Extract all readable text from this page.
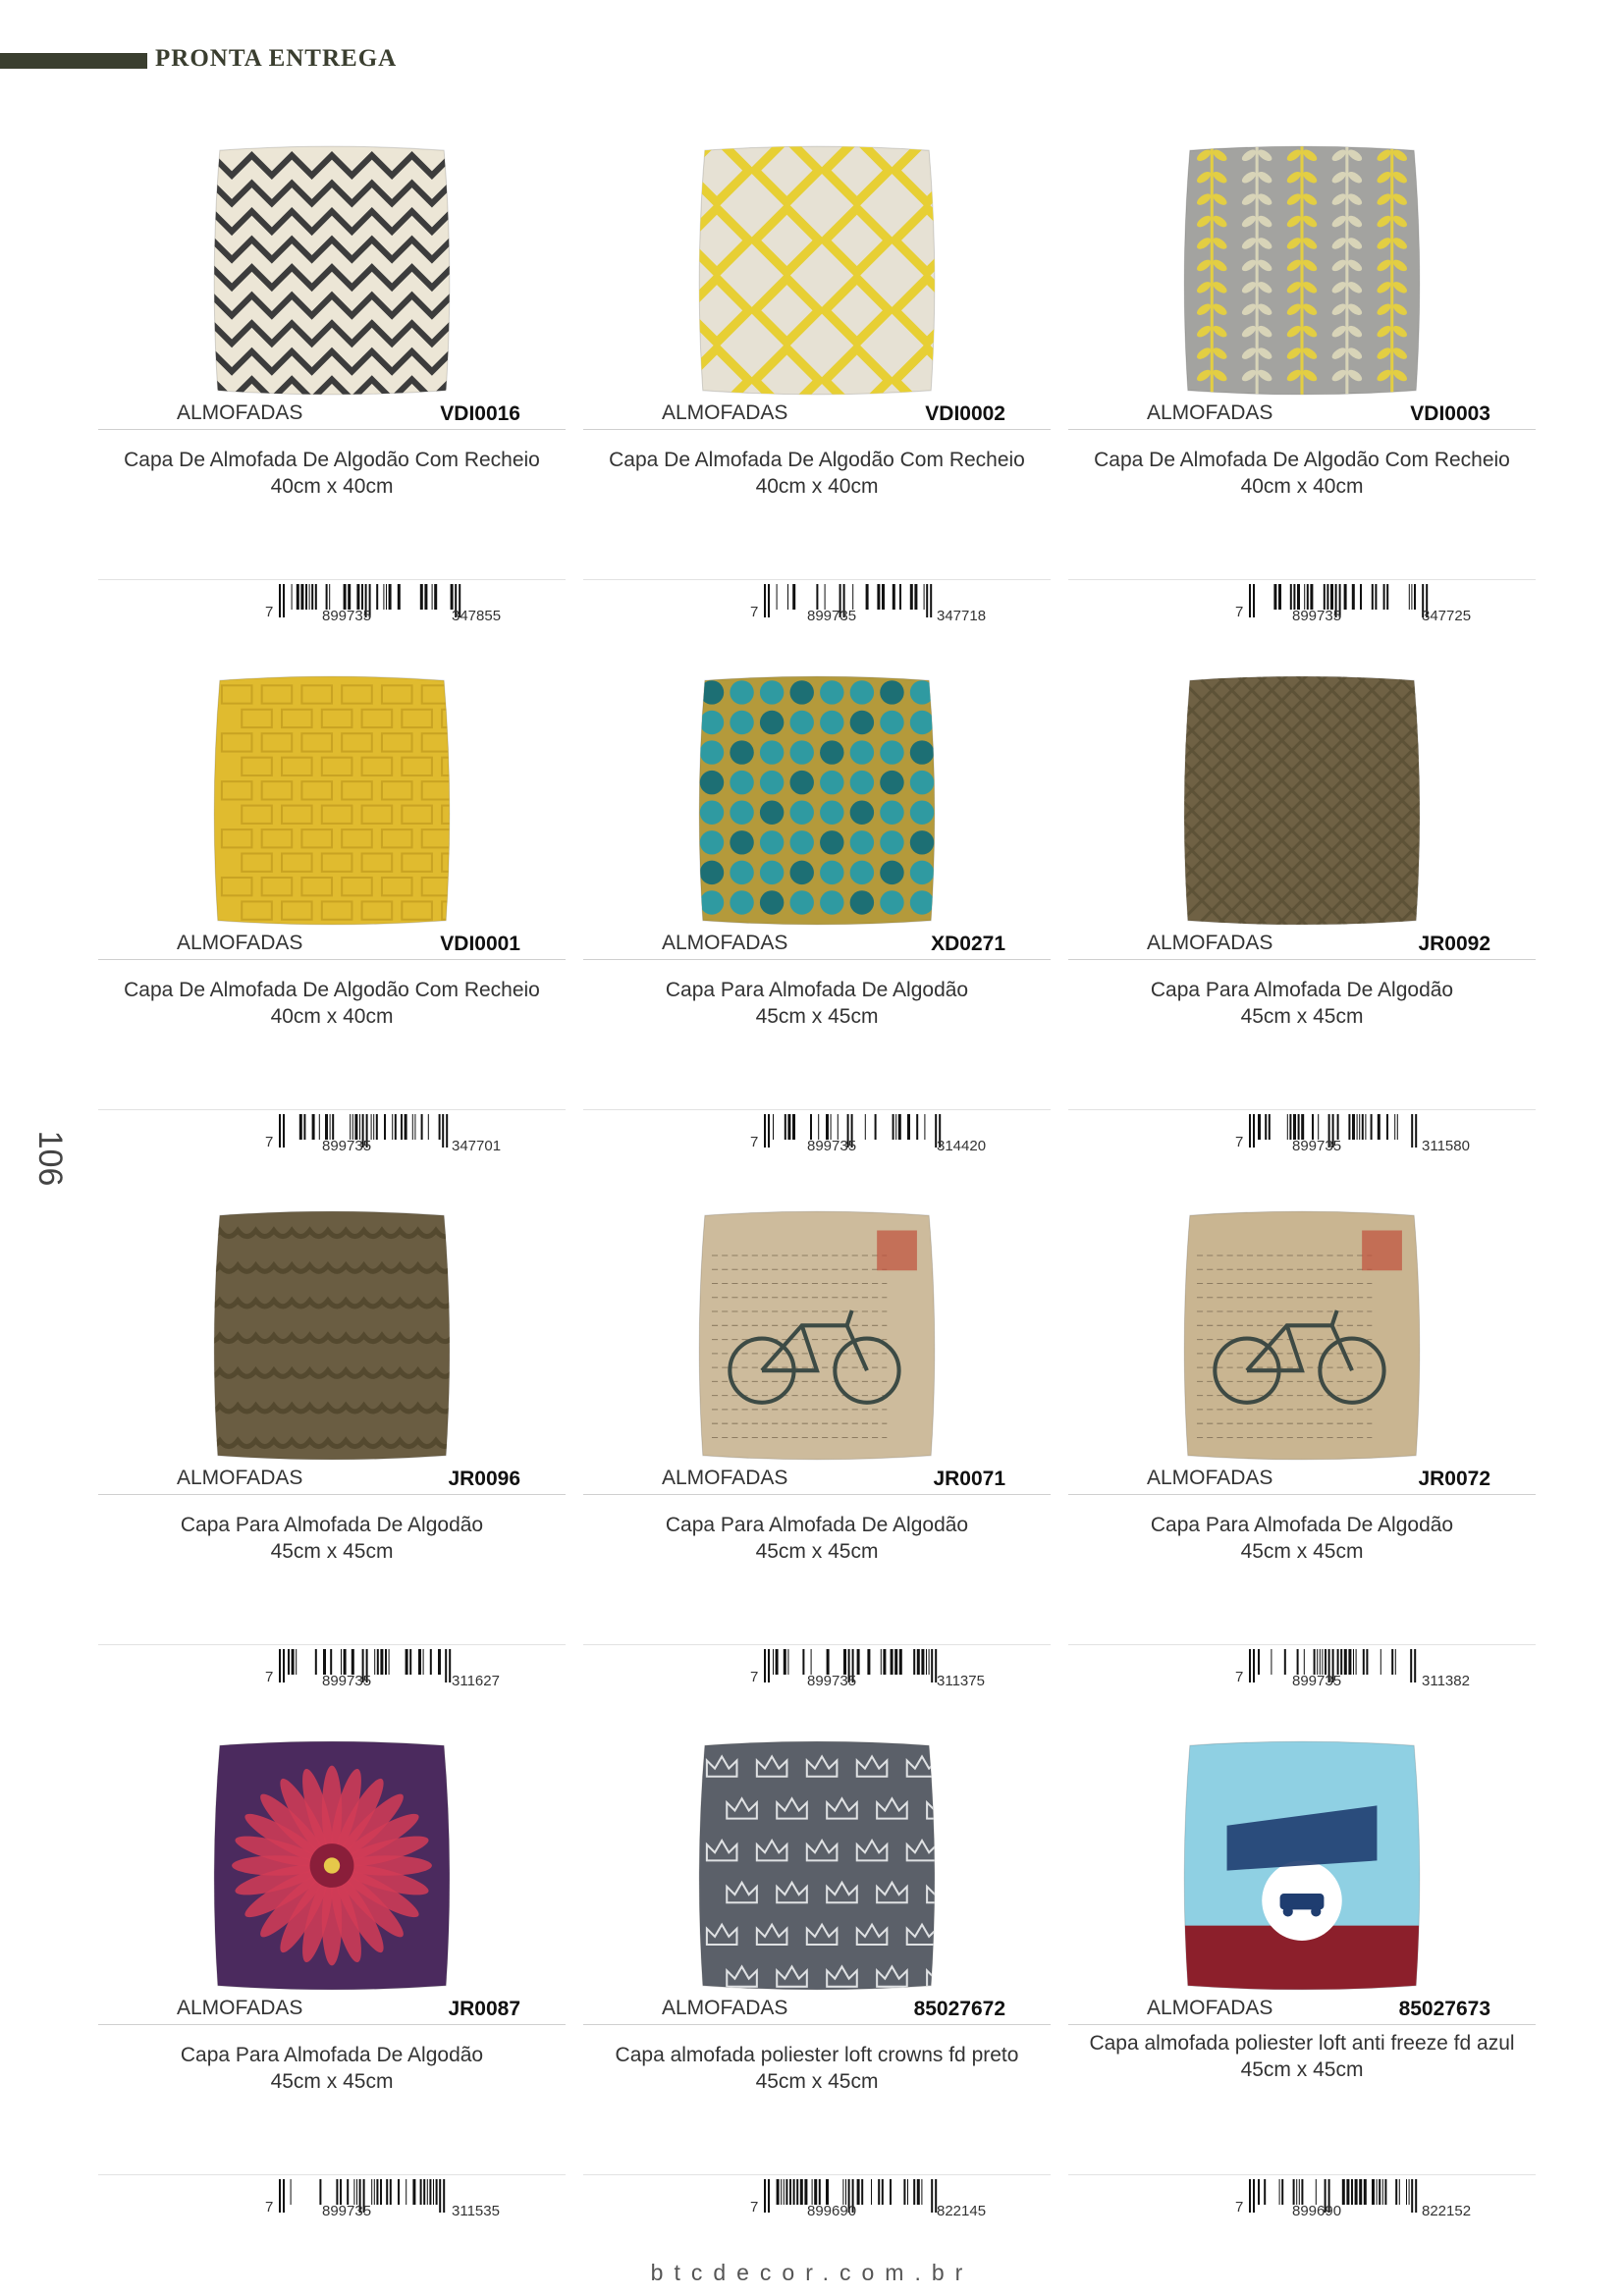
PRONTA ENTREGA
106
ALMOFADAS	VDI0016
Capa De Almofada De Algodão Com Recheio
40cm x 40cm
7	899735	347855
ALMOFADAS	VDI0002
Capa De Almofada De Algodão Com Recheio
40cm x 40cm
7	899735	347718
ALMOFADAS	VDI0003
Capa De Almofada De Algodão Com Recheio
40cm x 40cm
7	899735	347725
ALMOFADAS	VDI0001
Capa De Almofada De Algodão Com Recheio
40cm x 40cm
7	899735	347701
ALMOFADAS	XD0271
Capa Para Almofada De Algodão
45cm x 45cm
7	899735	314420
ALMOFADAS	JR0092
Capa Para Almofada De Algodão
45cm x 45cm
7	899735	311580
ALMOFADAS	JR0096
Capa Para Almofada De Algodão
45cm x 45cm
7	899735	311627
ALMOFADAS	JR0071
Capa Para Almofada De Algodão
45cm x 45cm
7	899735	311375
ALMOFADAS	JR0072
Capa Para Almofada De Algodão
45cm x 45cm
7	899735	311382
ALMOFADAS	JR0087
Capa Para Almofada De Algodão
45cm x 45cm
7	899735	311535
ALMOFADAS	85027672
Capa almofada poliester loft crowns fd preto
45cm x 45cm
7	899690	822145
ALMOFADAS	85027673
Capa almofada poliester loft anti freeze fd azul
45cm x 45cm
7	899690	822152
btcdecor.com.br
